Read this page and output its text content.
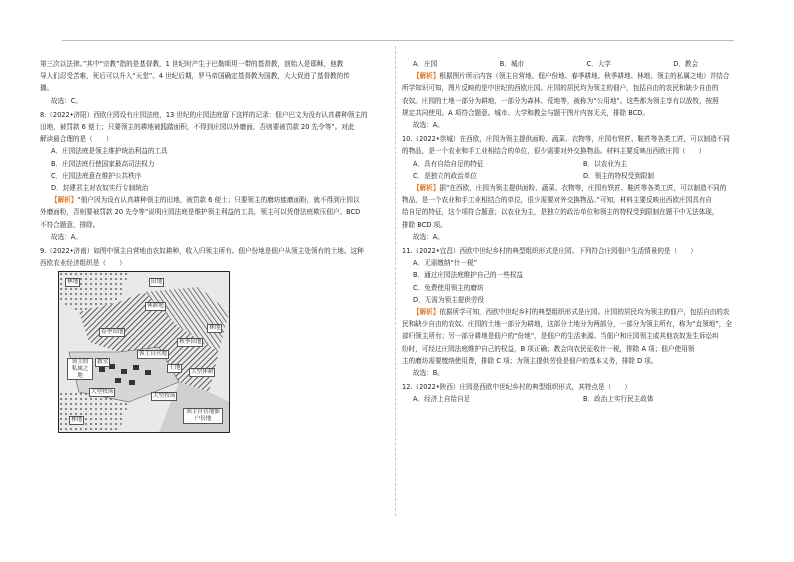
第三次以法律。”其中“宗教”指的是基督教，1 世纪时产生于巴勒斯坦一带的基督教，创始人是耶稣，他教

导人们忍受苦难，死后可以升入“天堂”。4 世纪后期，罗马帝国确定基督教为国教，大大促进了基督教的传

播。

故选：C。

8.（2022•济阳）西欧庄园设有庄园法庭，13 世纪的庄园法庭留下这样的记录：佃户巴文为没有认真耕种领主的

田地，被罚款 6 便士；只要领主的耕地被践踏面积，不得到庄园以外磨面，否则要被罚款 20 先令等”。对此

解读最合理的是（　　）

A．庄园法庭是领主维护统治利益的工具

B．庄园法庭行使国家最高司法权力

C．庄园法庭意在维护公共秩序

D．封建君主对农奴实行专制统治

【解析】“佃户因为没有认真耕种领主的田地，被罚款 6 便士；只要领主的磨坊能磨面粉，就不得到庄园以

外磨面粉，否则要被罚款 20 先令等”说明庄园法庭是维护领主利益的工具，领主可以凭借法庭欺压佃户。BCD

不符合题意，排除。

故选：A。

9.（2022•济南）如图中领主自营地由农奴耕种，收入归领主所有。佃户份地是佃户从领主处领有的土地。这种

西欧农业经济组织是（　　）

林地	田地
休耕地
春季田地
秋季田地
领主的私属之地
教堂
大型牧场
领主自营地
土地
大型休耕
林地
大型牧场
林地
领主自营地佃户份地
A．庄园	B．城市	C．大学	D．教会

【解析】根据图片所示内容（领主自营地、佃户份地、春季耕地、秋季耕地、林地、领主的私属之地）并结合

所学知识可知，图片反映的是中世纪的西欧庄园。庄园的居民均为领主的佃户，包括自由的农民和缺少自由的

农奴。庄园的土地一部分为耕地，一部分为森林、荒地等，被称为“公用地”。这些都为领主享有以放牧，按照

规定共同使用。A 项符合题意。城市、大学和教会与题干图片内容无关，排除 BCD。

故选：A。

10.（2022•崇城）在西欧，庄园为领主提供面粉、蔬菜、衣物等，庄园有铁匠、鞋匠等各类工匠，可以制造不同

的物品，是一个农业和手工业相结合的单位，很少需要对外交换物品。材料主要反映出西欧庄园（　　）

A．具有自给自足的特征	B．以农业为主
C．是独立的政治单位	D．领主的特权受到限制

【解析】据“在西欧，庄园为领主提供面粉、蔬菜、衣物等，庄园有铁匠、鞋匠等各类工匠，可以制造不同的

物品，是一个农业和手工业相结合的单位，很少需要对外交换物品。”可知，材料主要反映出西欧庄园具有自

给自足的特征，这个项符合题意；以农业为主，是独立的政治单位和领主的特权受到限制在题干中无法体现，

排除 BCD 项。

故选：A。

11.（2022•宜昌）西欧中世纪乡村的典型组织形式是庄园。下列符合庄园佃户生活情景的是（　　）

A．无需缴纳“什一税”

B．通过庄园法庭维护自己的一些权益

C．免费使用领主的磨坊

D．无需为领主提供劳役

【解析】依据所学可知，西欧中世纪乡村的典型组织形式是庄园。庄园的居民均为领主的佃户，包括自由的农

民和缺少自由的农奴。庄园的土地一部分为耕地，这部分土地分为两部分，一部分为领主所有，称为“直领地”，全

部归领主所有；另一部分耕地是佃户的“份地”，是佃户的生活来源。当佃户和庄园领主或其他农奴发生诉讼纠

纷时，可经过庄园法庭维护自己的权益，B 项正确；教会向农民征收什一税，排除 A 项；佃户使用领

主的磨坊需要缴纳使用费，排除 C 项；为领主提供劳役是佃户的基本义务，排除 D 项。

故选：B。

12.（2022•陕西）庄园是西欧中世纪乡村的典型组织形式，其特点是（　　）

A．经济上自给自足	B．政治上实行民主政体
